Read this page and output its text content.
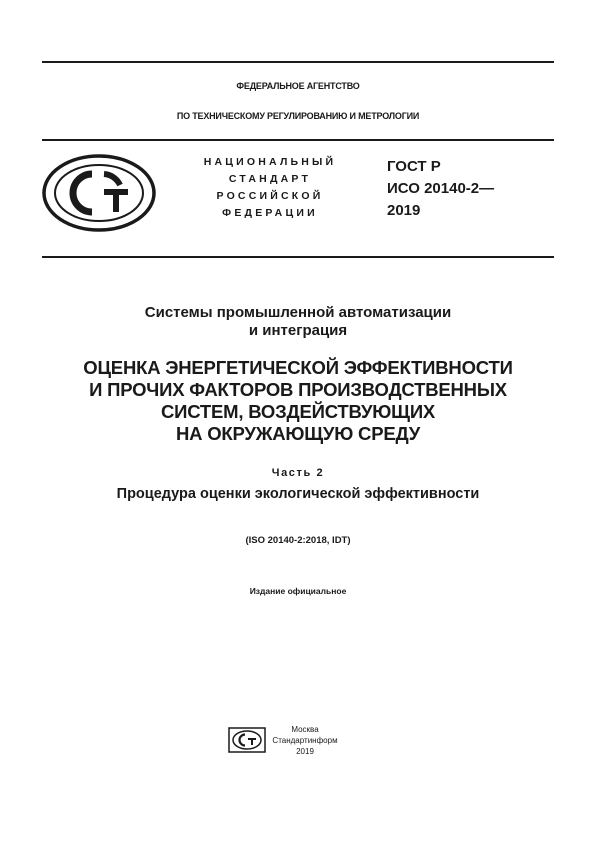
ФЕДЕРАЛЬНОЕ АГЕНТСТВО
ПО ТЕХНИЧЕСКОМУ РЕГУЛИРОВАНИЮ И МЕТРОЛОГИИ
НАЦИОНАЛЬНЫЙ
СТАНДАРТ
РОССИЙСКОЙ
ФЕДЕРАЦИИ
ГОСТ Р
ИСО 20140-2—
2019
Системы промышленной автоматизации
и интеграция
ОЦЕНКА ЭНЕРГЕТИЧЕСКОЙ ЭФФЕКТИВНОСТИ
И ПРОЧИХ ФАКТОРОВ ПРОИЗВОДСТВЕННЫХ
СИСТЕМ, ВОЗДЕЙСТВУЮЩИХ
НА ОКРУЖАЮЩУЮ СРЕДУ
Часть 2
Процедура оценки экологической эффективности
(ISO 20140-2:2018, IDT)
Издание официальное
Москва
Стандартинформ
2019
